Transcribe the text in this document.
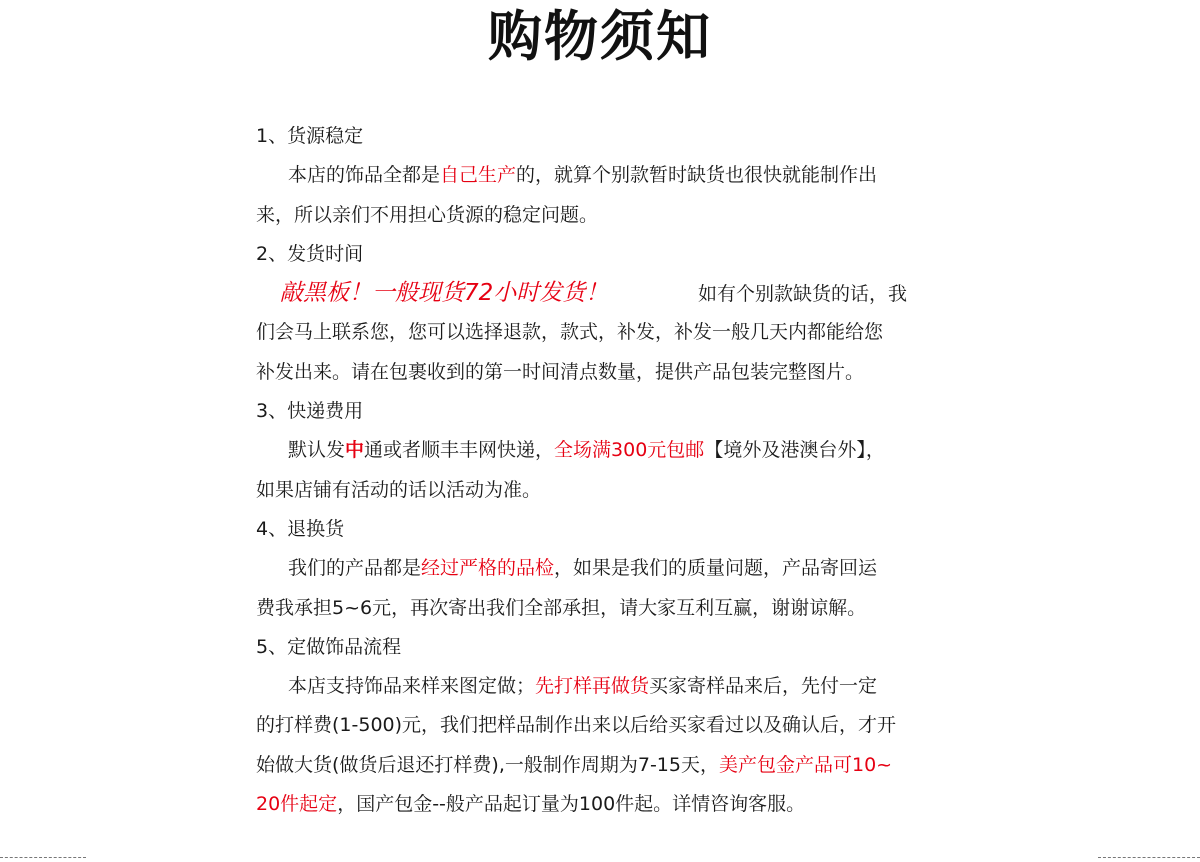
购物须知
1、货源稳定
本店的饰品全都是自己生产的，就算个别款暂时缺货也很快就能制作出
来，所以亲们不用担心货源的稳定问题。
2、发货时间
敲黑板！一般现货72小时发货！	如有个别款缺货的话，我
们会马上联系您，您可以选择退款，款式，补发，补发一般几天内都能给您
补发出来。请在包裹收到的第一时间清点数量，提供产品包装完整图片。
3、快递费用
默认发中通或者顺丰丰网快递，全场满300元包邮【境外及港澳台外】，
如果店铺有活动的话以活动为准。
4、退换货
我们的产品都是经过严格的品检，如果是我们的质量问题，产品寄回运
费我承担5~6元，再次寄出我们全部承担，请大家互利互赢，谢谢谅解。
5、定做饰品流程
本店支持饰品来样来图定做；先打样再做货买家寄样品来后，先付一定
的打样费(1-500)元，我们把样品制作出来以后给买家看过以及确认后，才开
始做大货(做货后退还打样费),一般制作周期为7-15天，美产包金产品可10~
20件起定，国产包金--般产品起订量为100件起。详情咨询客服。
